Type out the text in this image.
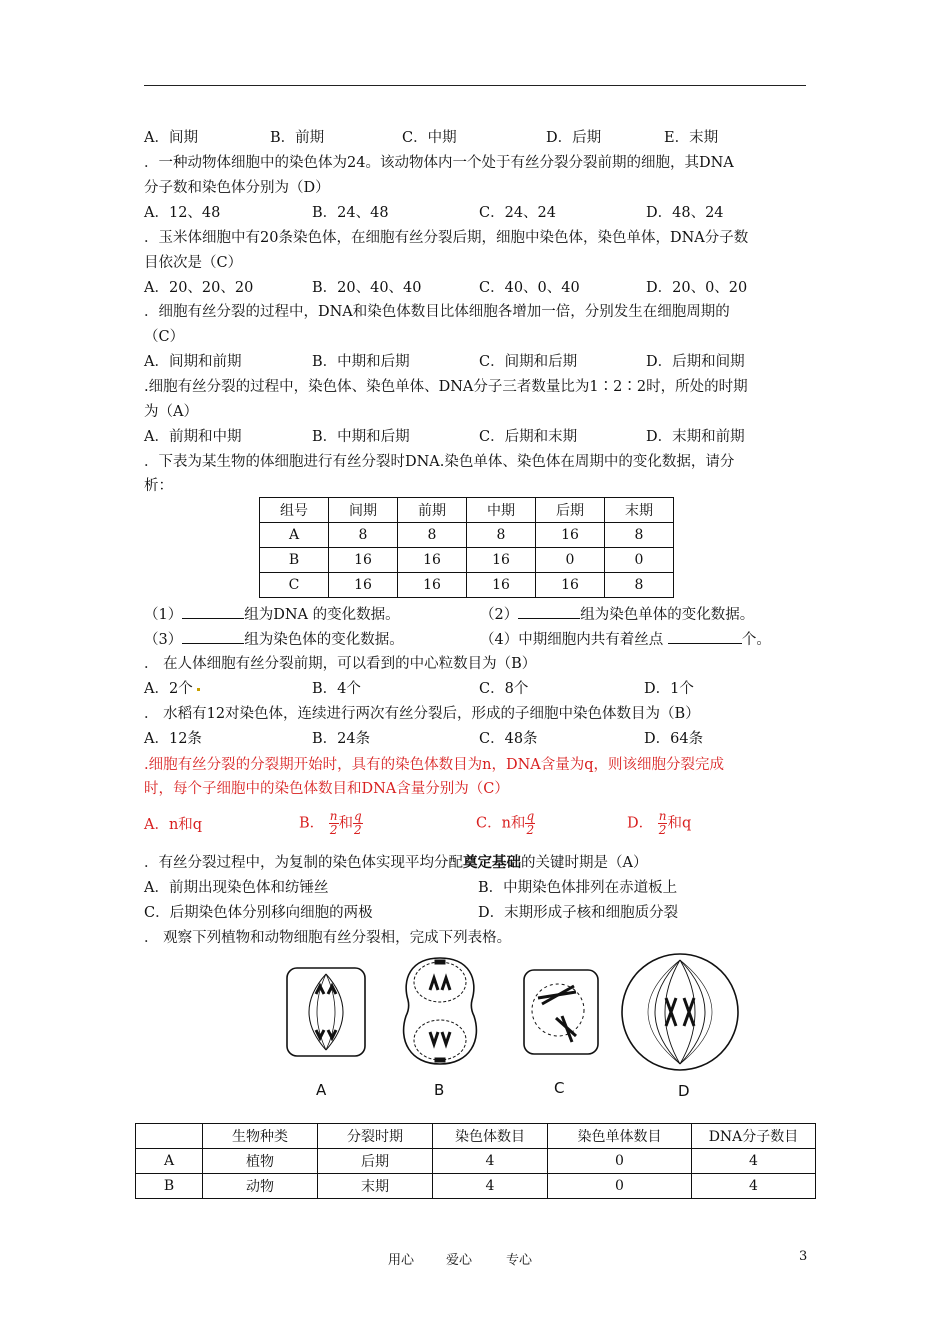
A．间期	B．前期	C．中期	D．后期	E．末期
．一种动物体细胞中的染色体为24。该动物体内一个处于有丝分裂分裂前期的细胞，其DNA
分子数和染色体分别为（D）
A．12、48	B．24、48	C．24、24	D．48、24
．玉米体细胞中有20条染色体，在细胞有丝分裂后期，细胞中染色体，染色单体，DNA分子数
目依次是（C）
A．20、20、20	B．20、40、40	C．40、0、40	D．20、0、20
．细胞有丝分裂的过程中，DNA和染色体数目比体细胞各增加一倍，分别发生在细胞周期的
（C）
A．间期和前期	B．中期和后期	C．间期和后期	D．后期和间期
.细胞有丝分裂的过程中，染色体、染色单体、DNA分子三者数量比为1∶2∶2时，所处的时期
为（A）
A．前期和中期	B．中期和后期	C．后期和末期	D．末期和前期
．下表为某生物的体细胞进行有丝分裂时DNA.染色单体、染色体在周期中的变化数据，请分
析：
组号	间期	前期	中期	后期	末期
A	8	8	8	16	8
B	16	16	16	0	0
C	16	16	16	16	8
（1）	组为DNA 的变化数据。	（2）	组为染色单体的变化数据。
（3）	组为染色体的变化数据。	（4）中期细胞内共有着丝点	个。
． 在人体细胞有丝分裂前期，可以看到的中心粒数目为（B）
A．2个	B．4个	C．8个	D．1个
． 水稻有12对染色体，连续进行两次有丝分裂后，形成的子细胞中染色体数目为（B）
A．12条	B．24条	C．48条	D．64条
.细胞有丝分裂的分裂期开始时，具有的染色体数目为n，DNA含量为q，则该细胞分裂完成
时，每个子细胞中的染色体数目和DNA含量分别为（C）
A．n和q	B． $\frac{n}{2}$ 和 $\frac{q}{2}$	C．n和 $\frac{q}{2}$	D． $\frac{n}{2}$ 和q
．有丝分裂过程中，为复制的染色体实现平均分配奠定基础的关键时期是（A）
A．前期出现染色体和纺锤丝	B．中期染色体排列在赤道板上
C．后期染色体分别移向细胞的两极	D．末期形成子核和细胞质分裂
． 观察下列植物和动物细胞有丝分裂相，完成下列表格。
A	B	C	D
	生物种类	分裂时期	染色体数目	染色单体数目	DNA分子数目
A	植物	后期	4	0	4
B	动物	末期	4	0	4
用心 爱心	专心	3
